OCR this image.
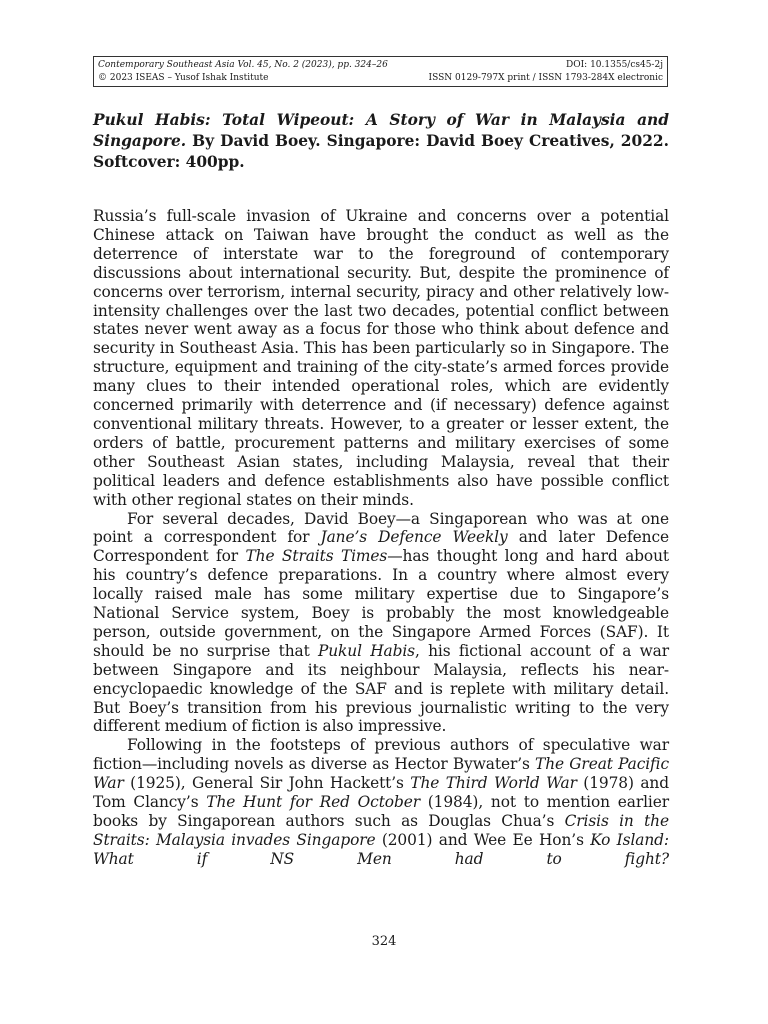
Contemporary Southeast Asia Vol. 45, No. 2 (2023), pp. 324–26	DOI: 10.1355/cs45-2j
© 2023 ISEAS – Yusof Ishak Institute	ISSN 0129-797X print / ISSN 1793-284X electronic
Pukul Habis: Total Wipeout: A Story of War in Malaysia and Singapore. By David Boey. Singapore: David Boey Creatives, 2022. Softcover: 400pp.

Russia’s full-scale invasion of Ukraine and concerns over a potential Chinese attack on Taiwan have brought the conduct as well as the deterrence of interstate war to the foreground of contemporary discussions about international security. But, despite the prominence of concerns over terrorism, internal security, piracy and other relatively low-intensity challenges over the last two decades, potential conflict between states never went away as a focus for those who think about defence and security in Southeast Asia. This has been particularly so in Singapore. The structure, equipment and training of the city-state’s armed forces provide many clues to their intended operational roles, which are evidently concerned primarily with deterrence and (if necessary) defence against conventional military threats. However, to a greater or lesser extent, the orders of battle, procurement patterns and military exercises of some other Southeast Asian states, including Malaysia, reveal that their political leaders and defence establishments also have possible conflict with other regional states on their minds.

For several decades, David Boey—a Singaporean who was at one point a correspondent for Jane’s Defence Weekly and later Defence Correspondent for The Straits Times—has thought long and hard about his country’s defence preparations. In a country where almost every locally raised male has some military expertise due to Singapore’s National Service system, Boey is probably the most knowledgeable person, outside government, on the Singapore Armed Forces (SAF). It should be no surprise that Pukul Habis, his fictional account of a war between Singapore and its neighbour Malaysia, reflects his near-encyclopaedic knowledge of the SAF and is replete with military detail. But Boey’s transition from his previous journalistic writing to the very different medium of fiction is also impressive.

Following in the footsteps of previous authors of speculative war fiction—including novels as diverse as Hector Bywater’s The Great Pacific War (1925), General Sir John Hackett’s The Third World War (1978) and Tom Clancy’s The Hunt for Red October (1984), not to mention earlier books by Singaporean authors such as Douglas Chua’s Crisis in the Straits: Malaysia invades Singapore (2001) and Wee Ee Hon’s Ko Island: What if NS Men had to fight?

324
